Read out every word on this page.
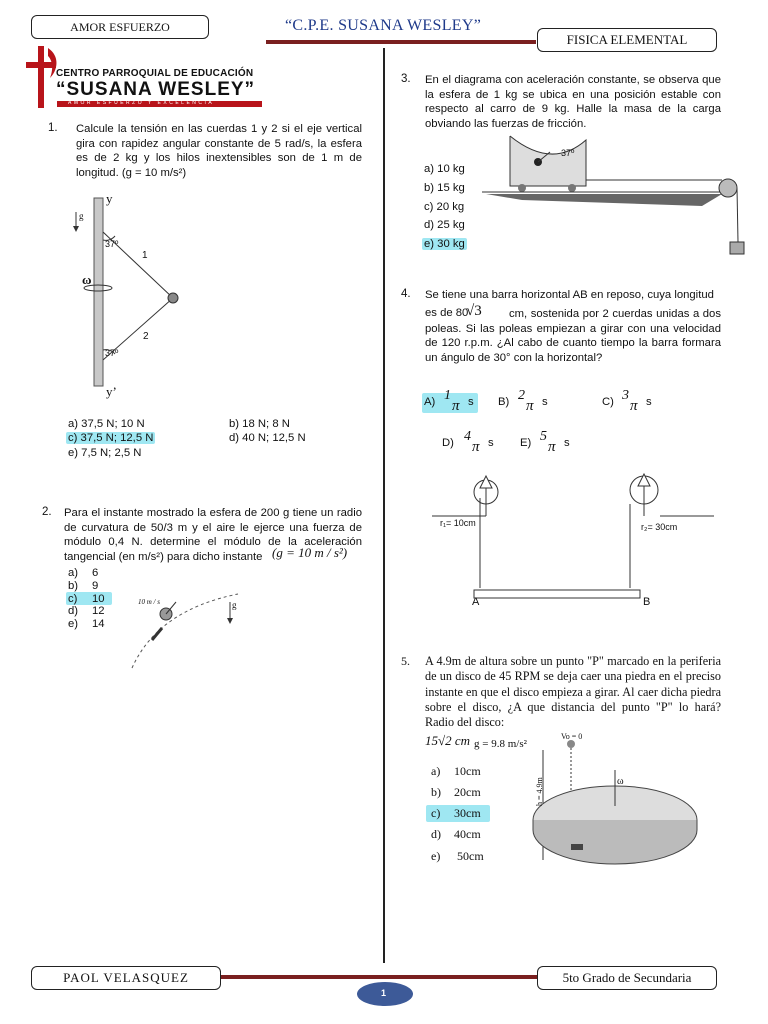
AMOR ESFUERZO	“C.P.E. SUSANA WESLEY”
FISICA ELEMENTAL
CENTRO PARROQUIAL DE EDUCACIÓN
“SUSANA WESLEY”
AMOR ESFUERZO Y EXCELENCIA
1. Calcule la tensión en las cuerdas 1 y 2 si el eje vertical gira con rapidez angular constante de 5 rad/s, la esfera es de 2 kg y los hilos inextensibles son de 1 m de longitud. (g = 10 m/s²)
y
y’
g
ω
37º
37º
1
2
a) 37,5 N; 10 N	b) 18 N; 8 N
c) 37,5 N; 12,5 N	d) 40 N; 12,5 N
e) 7,5 N; 2,5 N
2. Para el instante mostrado la esfera de 200 g tiene un radio de curvatura de 50/3 m y el aire le ejerce una fuerza de módulo 0,4 N. determine el módulo de la aceleración tangencial (en m/s²) para dicho instante (g = 10 m / s²)
10 m / s	g
a) 6
b) 9
c) 10
d) 12
e) 14
3. En el diagrama con aceleración constante, se observa que la esfera de 1 kg se ubica en una posición estable con respecto al carro de 9 kg. Halle la masa de la carga obviando las fuerzas de fricción.
37º
a) 10 kg
b) 15 kg
c) 20 kg
d) 25 kg
e) 30 kg
4. Se tiene una barra horizontal AB en reposo, cuya longitud
es de 80
√3	cm, sostenida por 2 cuerdas unidas a dos poleas. Si las poleas empiezan a girar con una velocidad de 120 r.p.m. ¿Al cabo de cuanto tiempo la barra formara un ángulo de 30° con la horizontal?
A) 1
π s B) 2
π s	C) 3
π s
D) 4
π s E) 5
π s
r₁= 10cm	r₂= 30cm
A	B
5. A 4.9m de altura sobre un punto "P" marcado en la periferia de un disco de 45 RPM se deja caer una piedra en el preciso instante en que el disco empieza a girar. Al caer dicha piedra sobre el disco, ¿A que distancia del punto "P" lo hará? Radio del disco:
15√2 cm g = 9.8 m/s²
Vo = 0
h = 4.9m	ω
a) 10cm
b) 20cm
c) 30cm
d) 40cm
e) 50cm
PAOL VELASQUEZ	5to Grado de Secundaria
1
